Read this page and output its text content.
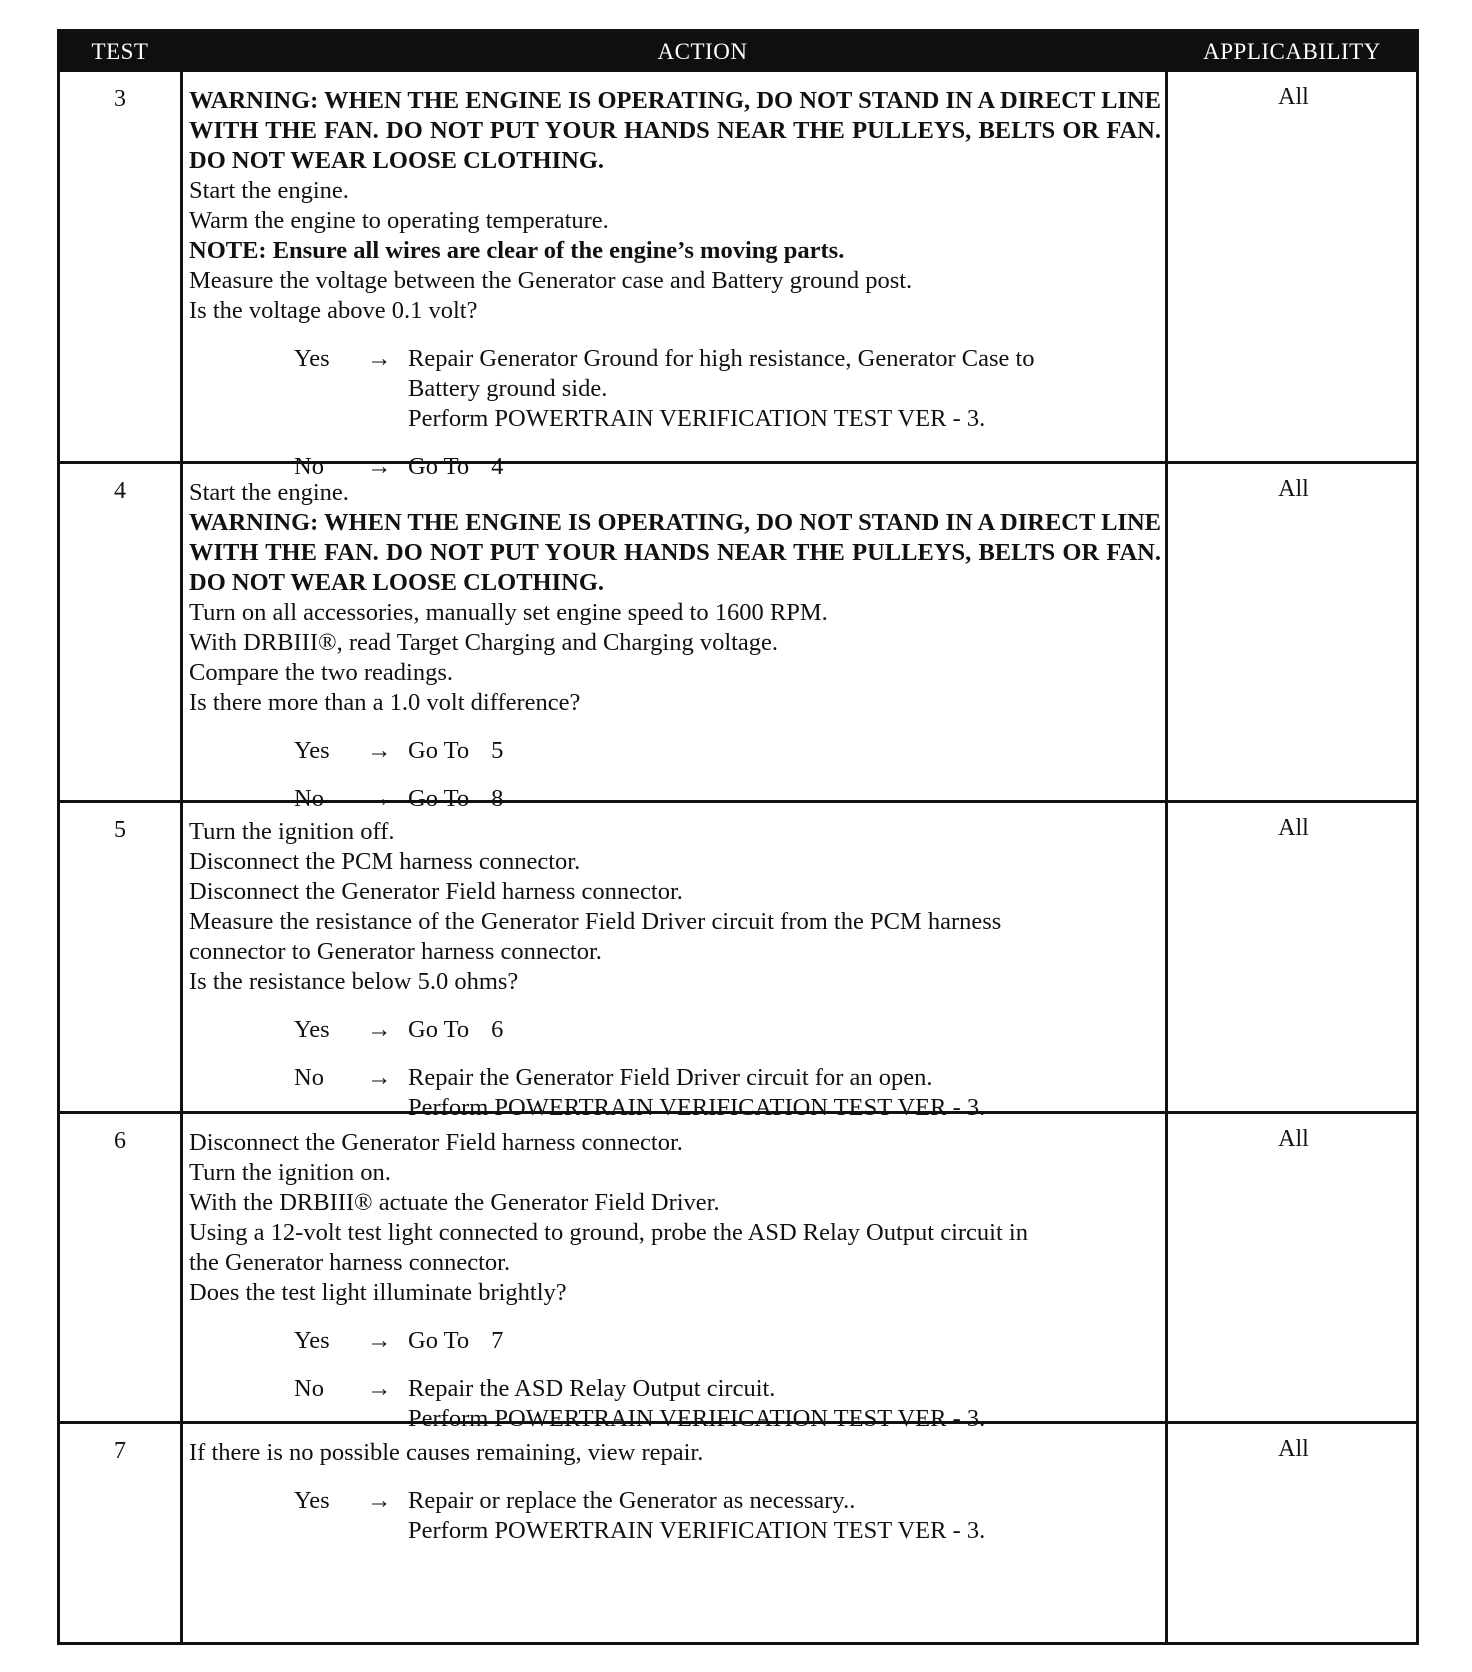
TEST	ACTION	APPLICABILITY
3	WARNING: WHEN THE ENGINE IS OPERATING, DO NOT STAND IN A DIRECT LINE WITH THE FAN. DO NOT PUT YOUR HANDS NEAR THE PULLEYS, BELTS OR FAN. DO NOT WEAR LOOSE CLOTHING.

Start the engine.

Warm the engine to operating temperature.

NOTE: Ensure all wires are clear of the engine’s moving parts.

Measure the voltage between the Generator case and Battery ground post.

Is the voltage above 0.1 volt?

Yes → Repair Generator Ground for high resistance, Generator Case to

Battery ground side.

Perform POWERTRAIN VERIFICATION TEST VER - 3.

No → Go To 4
All
4	Start the engine.

WARNING: WHEN THE ENGINE IS OPERATING, DO NOT STAND IN A DIRECT LINE WITH THE FAN. DO NOT PUT YOUR HANDS NEAR THE PULLEYS, BELTS OR FAN. DO NOT WEAR LOOSE CLOTHING.

Turn on all accessories, manually set engine speed to 1600 RPM.

With DRBIII®, read Target Charging and Charging voltage.

Compare the two readings.

Is there more than a 1.0 volt difference?

Yes → Go To 5
No → Go To 8
All
5	Turn the ignition off.

Disconnect the PCM harness connector.

Disconnect the Generator Field harness connector.

Measure the resistance of the Generator Field Driver circuit from the PCM harness

connector to Generator harness connector.

Is the resistance below 5.0 ohms?

Yes → Go To 6
No → Repair the Generator Field Driver circuit for an open.

Perform POWERTRAIN VERIFICATION TEST VER - 3.

All
6	Disconnect the Generator Field harness connector.

Turn the ignition on.

With the DRBIII® actuate the Generator Field Driver.

Using a 12-volt test light connected to ground, probe the ASD Relay Output circuit in

the Generator harness connector.

Does the test light illuminate brightly?

Yes → Go To 7
No → Repair the ASD Relay Output circuit.

Perform POWERTRAIN VERIFICATION TEST VER - 3.

All
7	If there is no possible causes remaining, view repair.

Yes → Repair or replace the Generator as necessary..

Perform POWERTRAIN VERIFICATION TEST VER - 3.

All
